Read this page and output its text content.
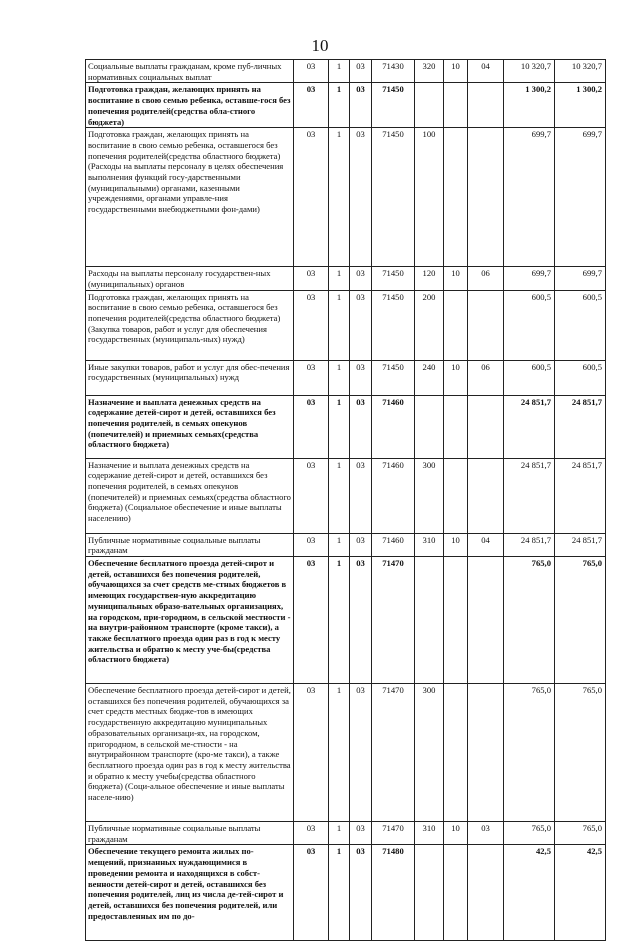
10
Социальные выплаты гражданам, кроме пуб-личных нормативных социальных выплат	03	1	03	71430	320	10	04	10 320,7	10 320,7
Подготовка граждан, желающих принять на воспитание в свою семью ребенка, оставше-гося без попечения родителей(средства обла-стного бюджета)	03	1	03	71450				1 300,2	1 300,2
Подготовка граждан, желающих принять на воспитание в свою семью ребенка, оставшегося без попечения родителей(средства областного бюджета) (Расходы на выплаты персоналу в целях обеспечения выполнения функций госу-дарственными (муниципальными) органами, казенными учреждениями, органами управле-ния государственными внебюджетными фон-дами)	03	1	03	71450	100			699,7	699,7
Расходы на выплаты персоналу государствен-ных (муниципальных) органов	03	1	03	71450	120	10	06	699,7	699,7
Подготовка граждан, желающих принять на воспитание в свою семью ребенка, оставшегося без попечения родителей(средства областного бюджета) (Закупка товаров, работ и услуг для обеспечения государственных (муниципаль-ных) нужд)	03	1	03	71450	200			600,5	600,5
Иные закупки товаров, работ и услуг для обес-печения государственных (муниципальных) нужд	03	1	03	71450	240	10	06	600,5	600,5
Назначение и выплата денежных средств на содержание детей-сирот и детей, оставшихся без попечения родителей, в семьях опекунов (попечителей) и приемных семьях(средства областного бюджета)	03	1	03	71460				24 851,7	24 851,7
Назначение и выплата денежных средств на содержание детей-сирот и детей, оставшихся без попечения родителей, в семьях опекунов (попечителей) и приемных семьях(средства областного бюджета) (Социальное обеспечение и иные выплаты населению)	03	1	03	71460	300			24 851,7	24 851,7
Публичные нормативные социальные выплаты гражданам	03	1	03	71460	310	10	04	24 851,7	24 851,7
Обеспечение бесплатного проезда детей-сирот и детей, оставшихся без попечения родителей, обучающихся за счет средств ме-стных бюджетов в имеющих государствен-ную аккредитацию муниципальных образо-вательных организациях, на городском, при-городном, в сельской местности - на внутри-районном транспорте (кроме такси), а также бесплатного проезда один раз в год к месту жительства и обратно к месту уче-бы(средства областного бюджета)	03	1	03	71470				765,0	765,0
Обеспечение бесплатного проезда детей-сирот и детей, оставшихся без попечения родителей, обучающихся за счет средств местных бюдже-тов в имеющих государственную аккредитацию муниципальных образовательных организаци-ях, на городском, пригородном, в сельской ме-стности - на внутрирайонном транспорте (кро-ме такси), а также бесплатного проезда один раз в год к месту жительства и обратно к месту учебы(средства областного бюджета) (Соци-альное обеспечение и иные выплаты населе-нию)	03	1	03	71470	300			765,0	765,0
Публичные нормативные социальные выплаты гражданам	03	1	03	71470	310	10	03	765,0	765,0
Обеспечение текущего ремонта жилых по-мещений, признанных нуждающимися в проведении ремонта и находящихся в собст-венности детей-сирот и детей, оставшихся без попечения родителей, лиц из числа де-тей-сирот и детей, оставшихся без попечения родителей, или предоставленных им по до-	03	1	03	71480				42,5	42,5
